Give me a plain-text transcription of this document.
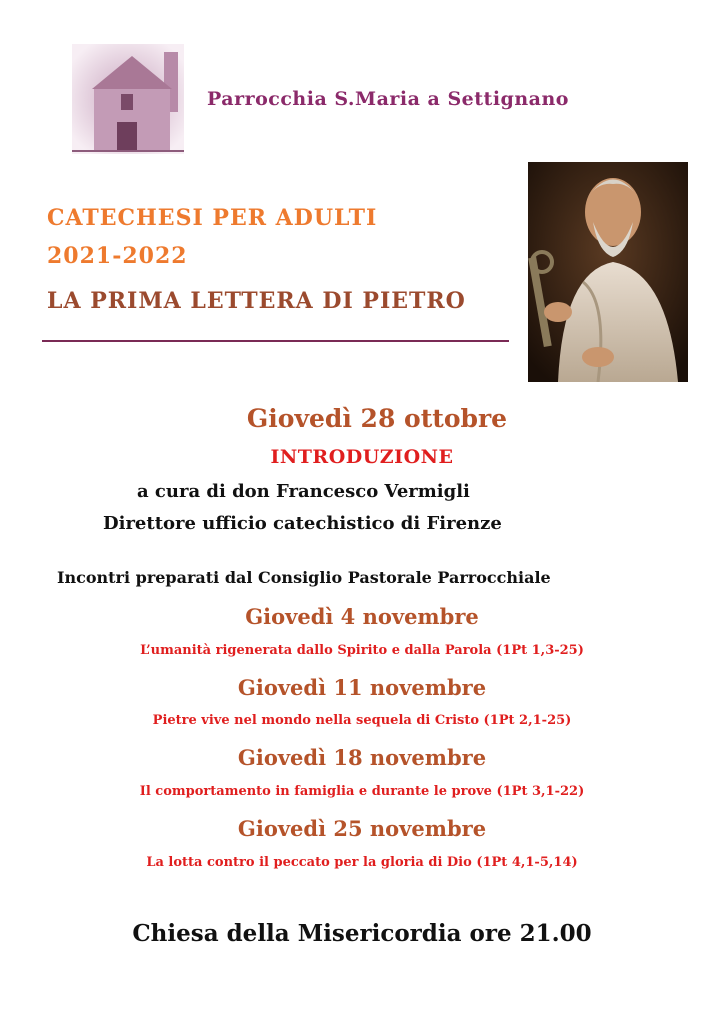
Parrocchia S.Maria a Settignano
CATECHESI PER ADULTI
2021-2022
LA PRIMA LETTERA DI PIETRO
Giovedì 28 ottobre
INTRODUZIONE
a cura di don Francesco Vermigli
Direttore ufficio catechistico di Firenze
Incontri preparati dal Consiglio Pastorale Parrocchiale
Giovedì 4 novembre
L’umanità rigenerata dallo Spirito e dalla Parola (1Pt 1,3-25)
Giovedì 11 novembre
Pietre vive nel mondo nella sequela di Cristo (1Pt 2,1-25)
Giovedì 18 novembre
Il comportamento in famiglia e durante le prove (1Pt 3,1-22)
Giovedì 25 novembre
La lotta contro il peccato per la gloria di Dio (1Pt 4,1-5,14)
Chiesa della Misericordia ore 21.00
